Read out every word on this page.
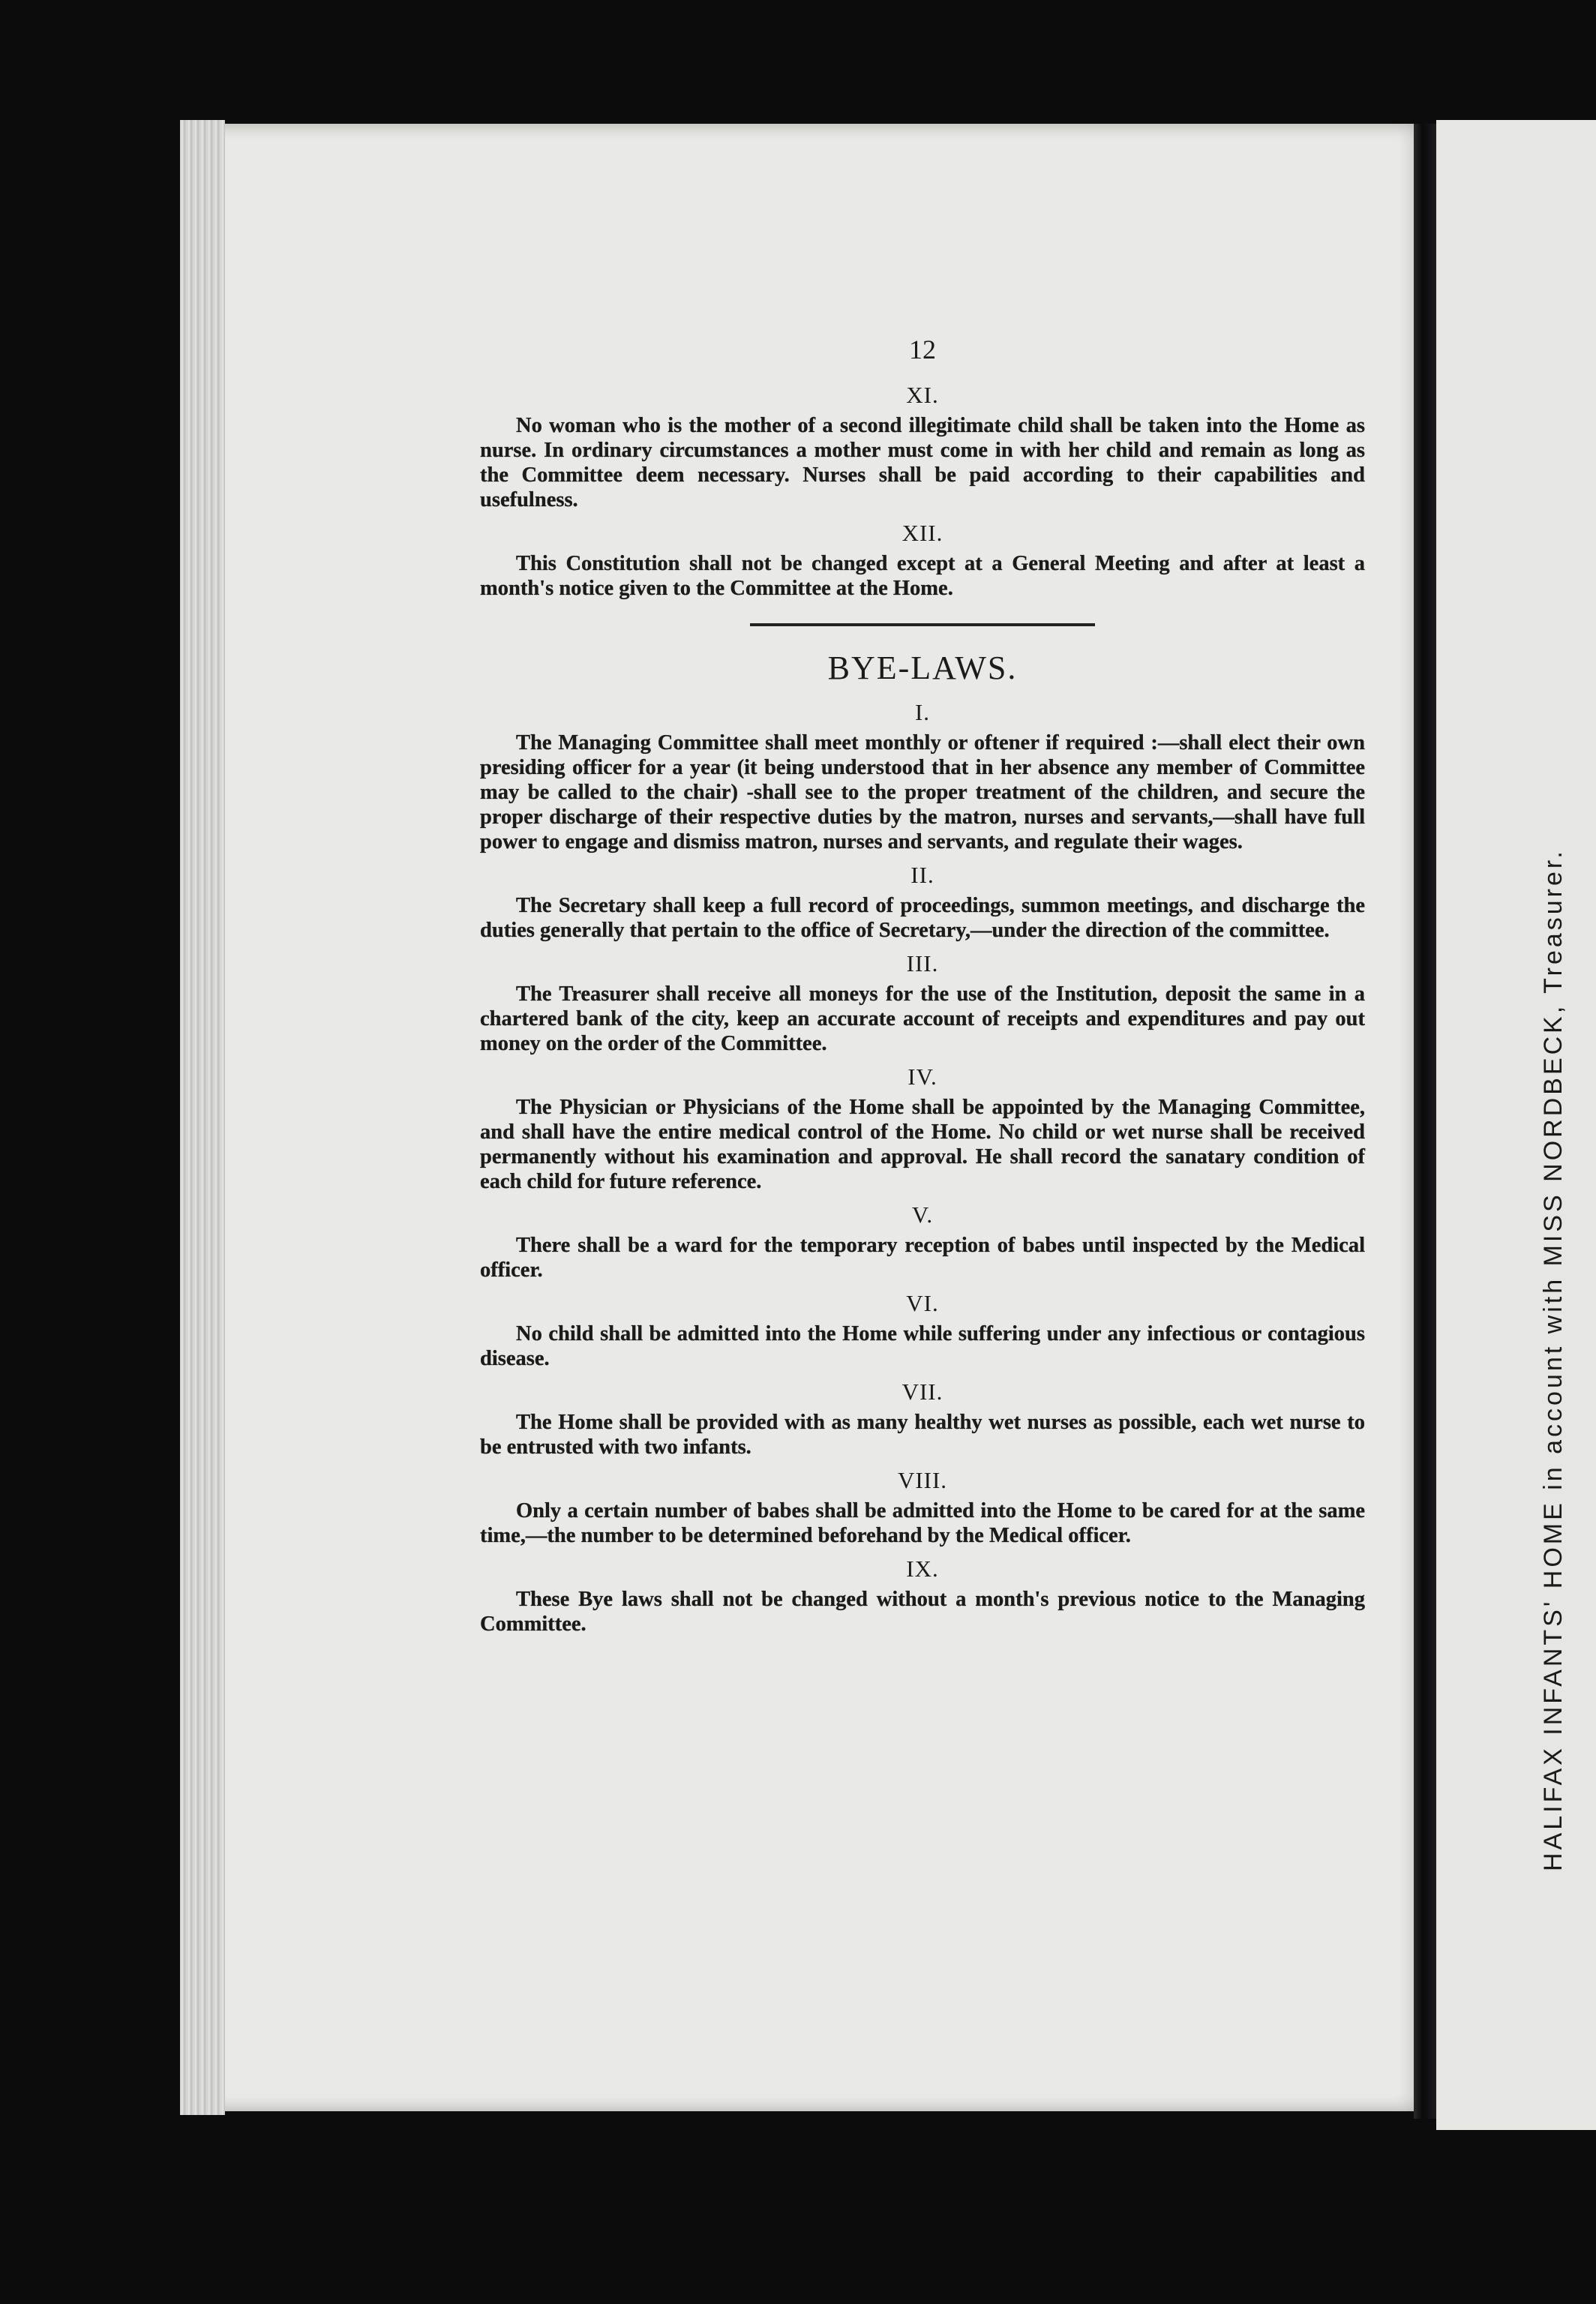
HALIFAX INFANTS' HOME in account with MISS NORDBECK, Treasurer.
12
XI.

No woman who is the mother of a second illegitimate child shall be taken into the Home as nurse. In ordinary circumstances a mother must come in with her child and remain as long as the Committee deem necessary. Nurses shall be paid according to their capabilities and usefulness.

XII.

This Constitution shall not be changed except at a General Meeting and after at least a month's notice given to the Committee at the Home.

BYE-LAWS.
I.

The Managing Committee shall meet monthly or oftener if required :—shall elect their own presiding officer for a year (it being understood that in her absence any member of Committee may be called to the chair) -shall see to the proper treatment of the children, and secure the proper discharge of their respective duties by the matron, nurses and servants,—shall have full power to engage and dismiss matron, nurses and servants, and regulate their wages.

II.

The Secretary shall keep a full record of proceedings, summon meetings, and discharge the duties generally that pertain to the office of Secretary,—under the direction of the committee.

III.

The Treasurer shall receive all moneys for the use of the Institution, deposit the same in a chartered bank of the city, keep an accurate account of receipts and expenditures and pay out money on the order of the Committee.

IV.

The Physician or Physicians of the Home shall be appointed by the Managing Committee, and shall have the entire medical control of the Home. No child or wet nurse shall be received permanently without his examination and approval. He shall record the sanatary condition of each child for future reference.

V.

There shall be a ward for the temporary reception of babes until inspected by the Medical officer.

VI.

No child shall be admitted into the Home while suffering under any infectious or contagious disease.

VII.

The Home shall be provided with as many healthy wet nurses as possible, each wet nurse to be entrusted with two infants.

VIII.

Only a certain number of babes shall be admitted into the Home to be cared for at the same time,—the number to be determined beforehand by the Medical officer.

IX.

These Bye laws shall not be changed without a month's previous notice to the Managing Committee.
